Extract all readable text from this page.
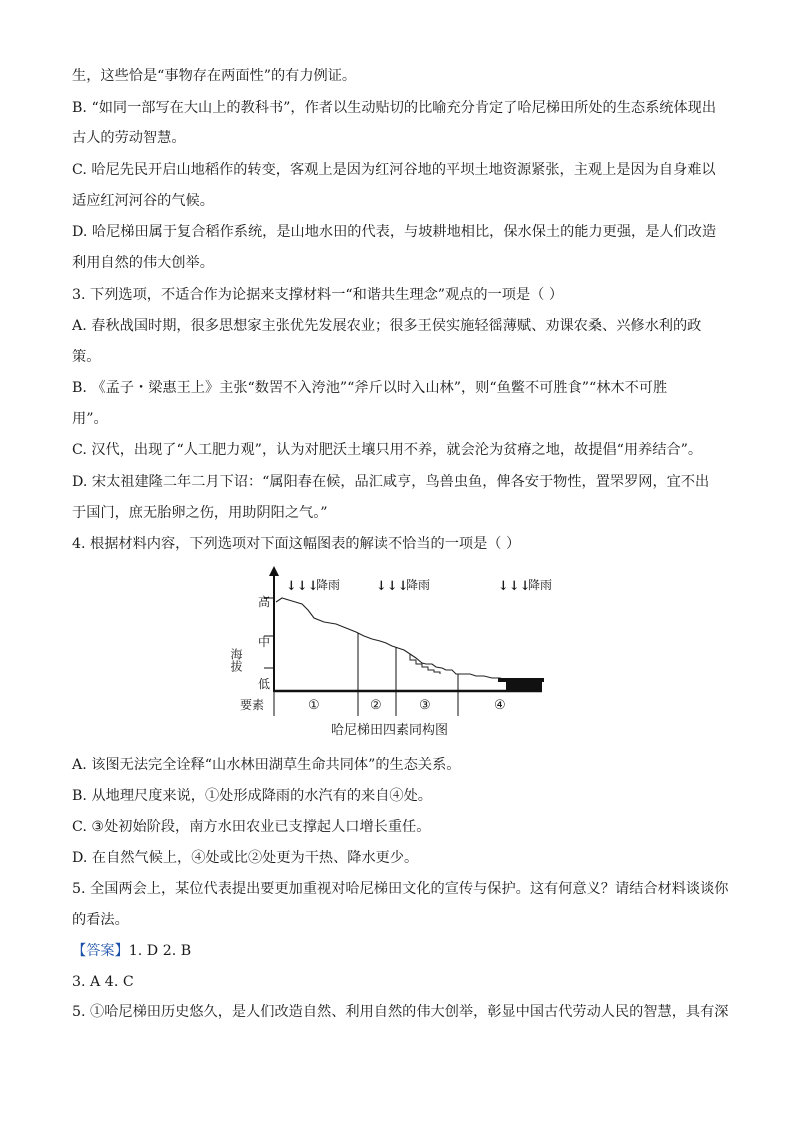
生，这些恰是“事物存在两面性”的有力例证。
B. “如同一部写在大山上的教科书”，作者以生动贴切的比喻充分肯定了哈尼梯田所处的生态系统体现出
古人的劳动智慧。
C. 哈尼先民开启山地稻作的转变，客观上是因为红河谷地的平坝土地资源紧张，主观上是因为自身难以
适应红河河谷的气候。
D. 哈尼梯田属于复合稻作系统，是山地水田的代表，与坡耕地相比，保水保土的能力更强，是人们改造
利用自然的伟大创举。
3. 下列选项，不适合作为论据来支撑材料一“和谐共生理念”观点的一项是（ ）
A. 春秋战国时期，很多思想家主张优先发展农业；很多王侯实施轻徭薄赋、劝课农桑、兴修水利的政
策。
B. 《孟子・梁惠王上》主张“数罟不入洿池”“斧斤以时入山林”，则“鱼鳖不可胜食”“林木不可胜
用”。
C. 汉代，出现了“人工肥力观”，认为对肥沃土壤只用不养，就会沦为贫瘠之地，故提倡“用养结合”。
D. 宋太祖建隆二年二月下诏：“属阳春在候，品汇咸亨，鸟兽虫鱼，俾各安于物性，置罘罗网，宜不出
于国门，庶无胎卵之伤，用助阴阳之气。”
4. 根据材料内容，下列选项对下面这幅图表的解读不恰当的一项是（ ）
高
中
低
海拔
①	②	③	④
要素
↓↓↓
降雨	↓↓↓
降雨	↓↓↓
降雨
哈尼梯田四素同构图
A. 该图无法完全诠释“山水林田湖草生命共同体”的生态关系。
B. 从地理尺度来说，①处形成降雨的水汽有的来自④处。
C. ③处初始阶段，南方水田农业已支撑起人口增长重任。
D. 在自然气候上，④处或比②处更为干热、降水更少。
5. 全国两会上，某位代表提出要更加重视对哈尼梯田文化的宣传与保护。这有何意义？请结合材料谈谈你
的看法。
【答案】1. D 2. B
3. A 4. C
5. ①哈尼梯田历史悠久，是人们改造自然、利用自然的伟大创举，彰显中国古代劳动人民的智慧，具有深
